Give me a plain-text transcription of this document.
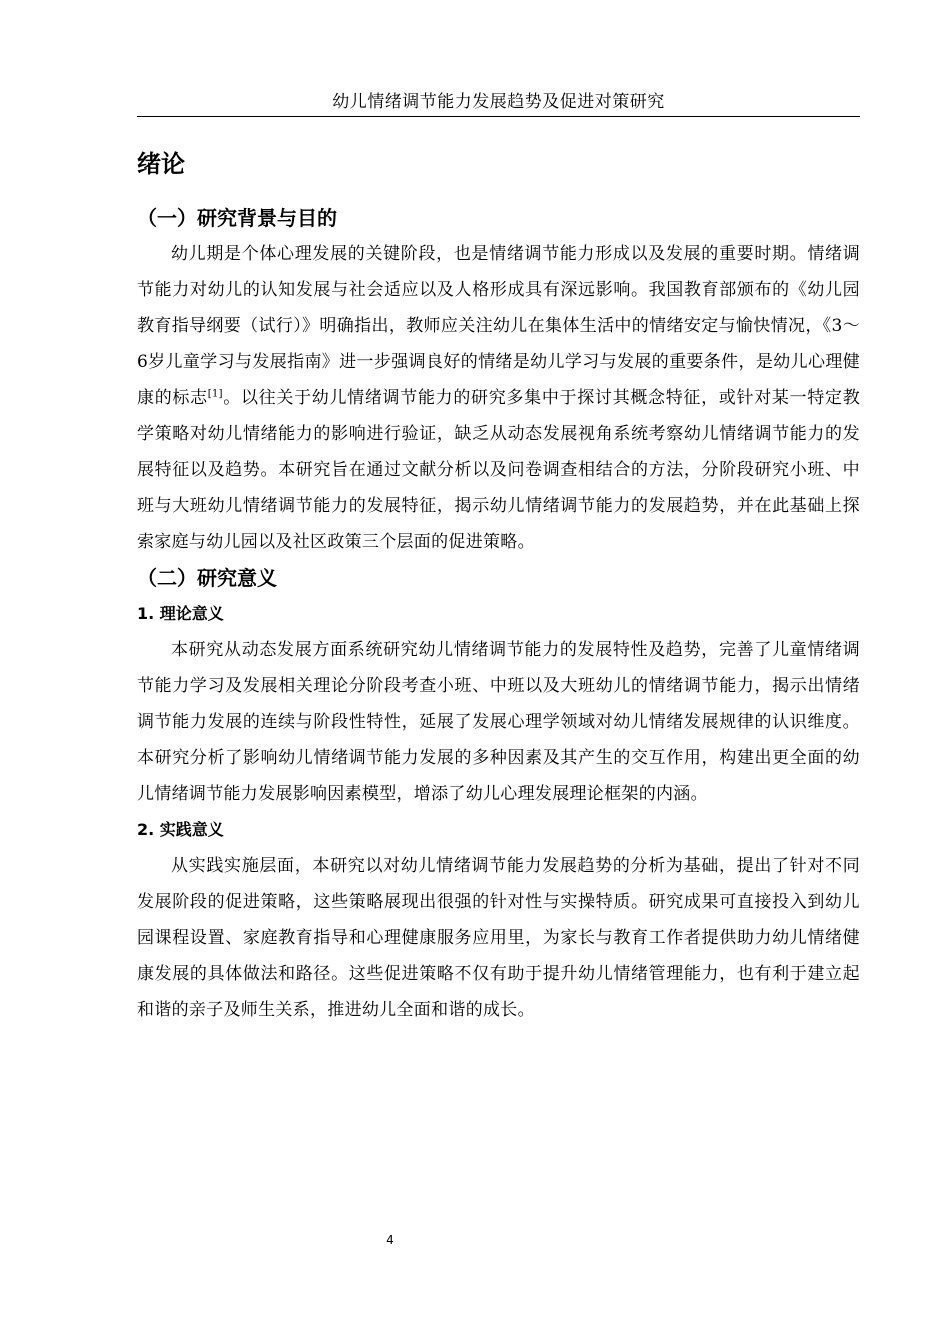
幼儿情绪调节能力发展趋势及促进对策研究
绪论
（一）研究背景与目的

幼儿期是个体心理发展的关键阶段，也是情绪调节能力形成以及发展的重要时期。情绪调节能力对幼儿的认知发展与社会适应以及人格形成具有深远影响。我国教育部颁布的《幼儿园教育指导纲要（试行）》明确指出，教师应关注幼儿在集体生活中的情绪安定与愉快情况，《3～6岁儿童学习与发展指南》进一步强调良好的情绪是幼儿学习与发展的重要条件，是幼儿心理健康的标志[1]。以往关于幼儿情绪调节能力的研究多集中于探讨其概念特征，或针对某一特定教学策略对幼儿情绪能力的影响进行验证，缺乏从动态发展视角系统考察幼儿情绪调节能力的发展特征以及趋势。本研究旨在通过文献分析以及问卷调查相结合的方法，分阶段研究小班、中班与大班幼儿情绪调节能力的发展特征，揭示幼儿情绪调节能力的发展趋势，并在此基础上探索家庭与幼儿园以及社区政策三个层面的促进策略。

（二）研究意义
1. 理论意义

本研究从动态发展方面系统研究幼儿情绪调节能力的发展特性及趋势，完善了儿童情绪调节能力学习及发展相关理论分阶段考查小班、中班以及大班幼儿的情绪调节能力，揭示出情绪调节能力发展的连续与阶段性特性，延展了发展心理学领域对幼儿情绪发展规律的认识维度。本研究分析了影响幼儿情绪调节能力发展的多种因素及其产生的交互作用，构建出更全面的幼儿情绪调节能力发展影响因素模型，增添了幼儿心理发展理论框架的内涵。

2. 实践意义

从实践实施层面，本研究以对幼儿情绪调节能力发展趋势的分析为基础，提出了针对不同发展阶段的促进策略，这些策略展现出很强的针对性与实操特质。研究成果可直接投入到幼儿园课程设置、家庭教育指导和心理健康服务应用里，为家长与教育工作者提供助力幼儿情绪健康发展的具体做法和路径。这些促进策略不仅有助于提升幼儿情绪管理能力，也有利于建立起和谐的亲子及师生关系，推进幼儿全面和谐的成长。

4
